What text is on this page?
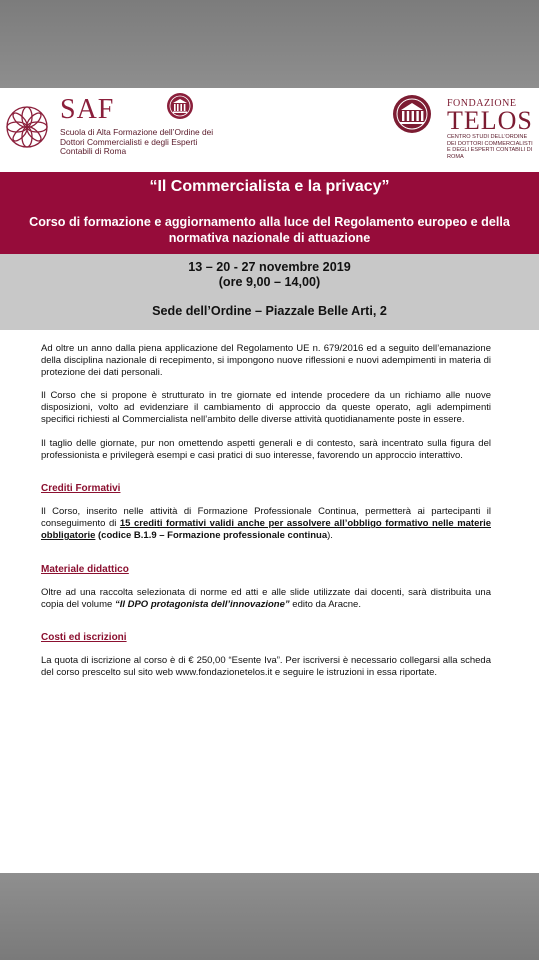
SAF
Scuola di Alta Formazione dell’Ordine dei Dottori Commercialisti e degli Esperti Contabili di Roma
FONDAZIONE
TELOS
CENTRO STUDI DELL’ORDINE DEI DOTTORI COMMERCIALISTI E DEGLI ESPERTI CONTABILI DI ROMA
“Il Commercialista e la privacy”
Corso di formazione e aggiornamento alla luce del Regolamento europeo e della normativa nazionale di attuazione
13 – 20 - 27 novembre 2019
(ore 9,00 – 14,00)
Sede dell’Ordine – Piazzale Belle Arti, 2

Ad oltre un anno dalla piena applicazione del Regolamento UE n. 679/2016 ed a seguito dell’emanazione della disciplina nazionale di recepimento, si impongono nuove riflessioni e nuovi adempimenti in materia di protezione dei dati personali.

Il Corso che si propone è strutturato in tre giornate ed intende procedere da un richiamo alle nuove disposizioni, volto ad evidenziare il cambiamento di approccio da queste operato, agli adempimenti specifici richiesti al Commercialista nell’ambito delle diverse attività quotidianamente poste in essere.

Il taglio delle giornate, pur non omettendo aspetti generali e di contesto, sarà incentrato sulla figura del professionista e privilegerà esempi e casi pratici di suo interesse, favorendo un approccio interattivo.

Crediti Formativi

Il Corso, inserito nelle attività di Formazione Professionale Continua, permetterà ai partecipanti il conseguimento di 15 crediti formativi validi anche per assolvere all’obbligo formativo nelle materie obbligatorie (codice B.1.9 – Formazione professionale continua).

Materiale didattico

Oltre ad una raccolta selezionata di norme ed atti e alle slide utilizzate dai docenti, sarà distribuita una copia del volume “Il DPO protagonista dell’innovazione” edito da Aracne.

Costi ed iscrizioni

La quota di iscrizione al corso è di € 250,00 “Esente Iva”. Per iscriversi è necessario collegarsi alla scheda del corso prescelto sul sito web www.fondazionetelos.it e seguire le istruzioni in essa riportate.
